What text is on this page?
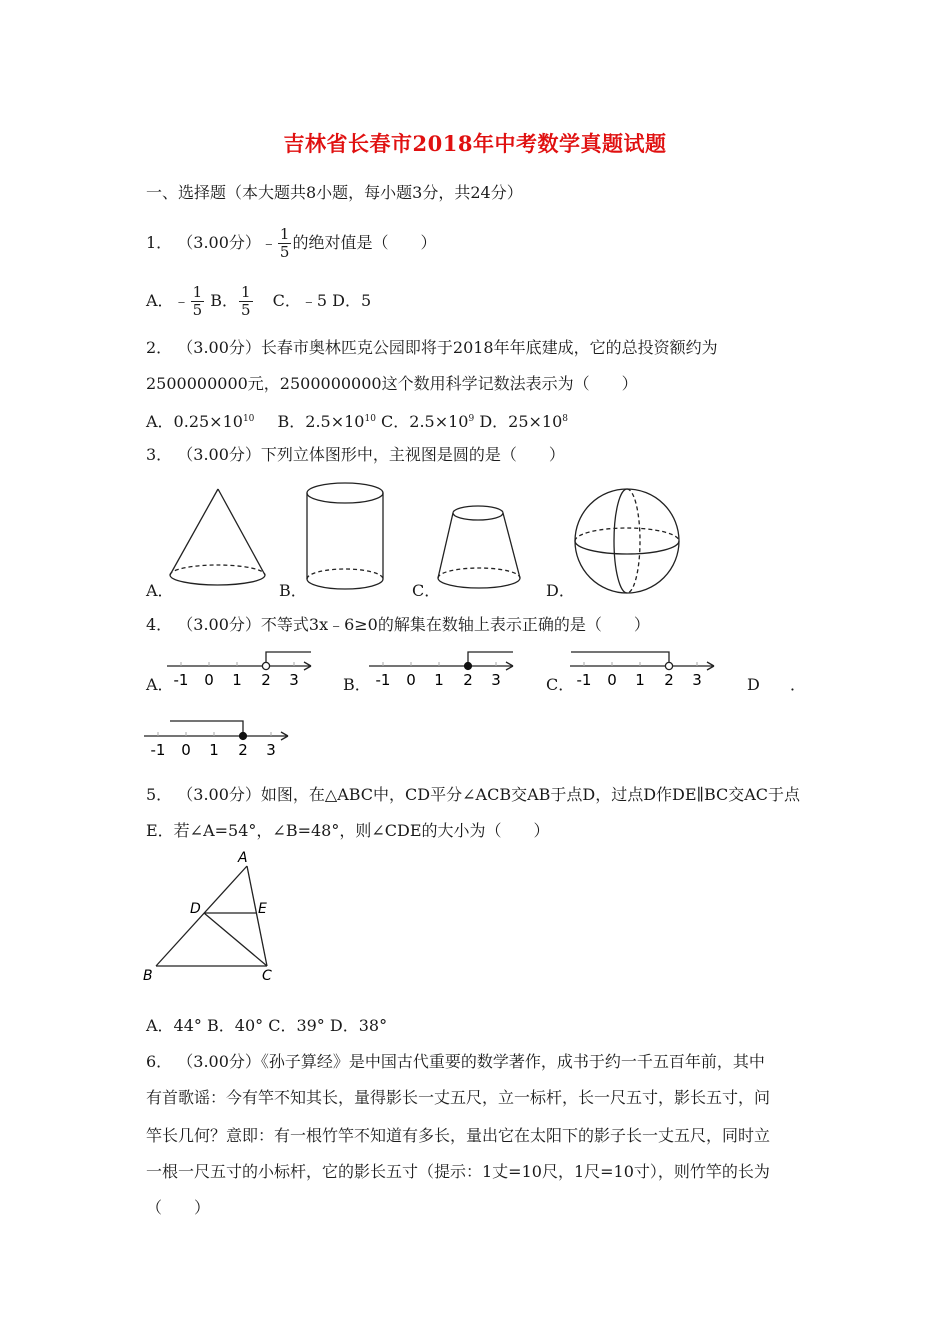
吉林省长春市2018年中考数学真题试题
一、选择题（本大题共8小题，每小题3分，共24分）
1． （3.00分）﹣ $\frac{1}{5}$ 的绝对值是（　　）
A．﹣ $\frac{1}{5}$ B． $\frac{1}{5}$ C．﹣5 D．5
2． （3.00分）长春市奥林匹克公园即将于2018年年底建成，它的总投资额约为
2500000000元，2500000000这个数用科学记数法表示为（　　）
A．$0.25\times 10^{10}$ B．$2.5\times 10^{10}$ C．$2.5\times 10^9$ D．$25\times 10^8$
3． （3.00分）下列立体图形中，主视图是圆的是（　　）
A．	B．	C．	D．
4． （3.00分）不等式3x﹣6≥0的解集在数轴上表示正确的是（　　）
A．	B．	C．	D ．
-1 0 1 2 3	-1 0 1 2 3	-1 0 1 2 3
-1 0 1 2 3
5． （3.00分）如图，在△ABC中，CD平分∠ACB交AB于点D，过点D作DE∥BC交AC于点
E．若∠A=54°，∠B=48°，则∠CDE的大小为（　　）
A
D	E
B	C
A．44° B．40° C．39° D．38°
6． （3.00分）《孙子算经》是中国古代重要的数学著作，成书于约一千五百年前，其中
有首歌谣：今有竿不知其长，量得影长一丈五尺，立一标杆，长一尺五寸，影长五寸，问
竿长几何？意即：有一根竹竿不知道有多长，量出它在太阳下的影子长一丈五尺，同时立
一根一尺五寸的小标杆，它的影长五寸（提示：1丈=10尺，1尺=10寸），则竹竿的长为
（　　）
